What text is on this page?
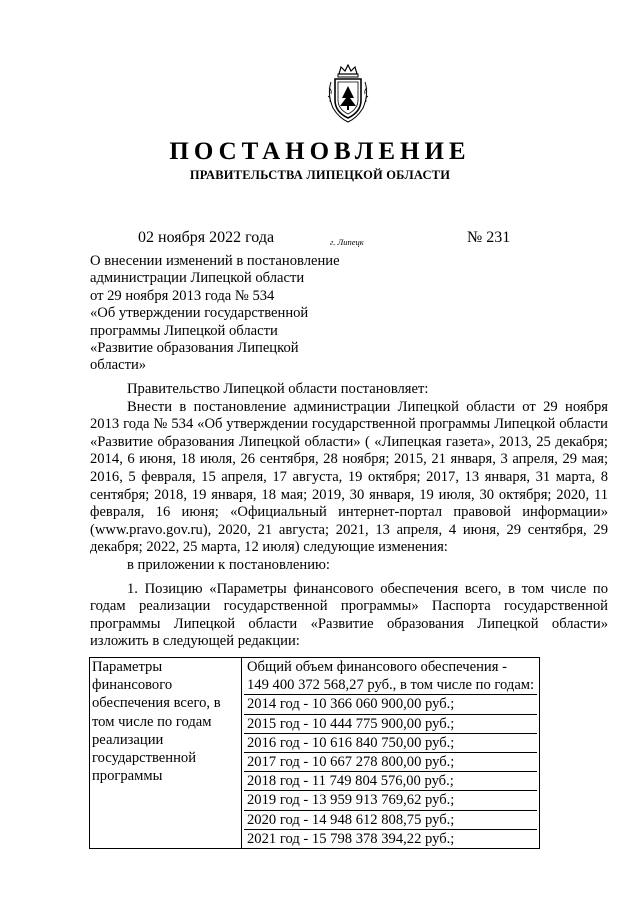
ПОСТАНОВЛЕНИЕ
ПРАВИТЕЛЬСТВА ЛИПЕЦКОЙ ОБЛАСТИ
02 ноября 2022 года	г. Липецк	№ 231
О внесении изменений в постановление
администрации Липецкой области
от 29 ноября 2013 года № 534
«Об утверждении государственной
программы Липецкой области
«Развитие образования Липецкой
области»

Правительство Липецкой области постановляет:

Внести в постановление администрации Липецкой области от 29 ноября 2013 года № 534 «Об утверждении государственной программы Липецкой области «Развитие образования Липецкой области» ( «Липецкая газета», 2013, 25 декабря; 2014, 6 июня, 18 июля, 26 сентября, 28 ноября; 2015, 21 января, 3 апреля, 29 мая; 2016, 5 февраля, 15 апреля, 17 августа, 19 октября; 2017, 13 января, 31 марта, 8 сентября; 2018, 19 января, 18 мая; 2019, 30 января, 19 июля, 30 октября; 2020, 11 февраля, 16 июня; «Официальный интернет-портал правовой информации» (www.pravo.gov.ru), 2020, 21 августа; 2021, 13 апреля, 4 июня, 29 сентября, 29 декабря; 2022, 25 марта, 12 июля) следующие изменения:

в приложении к постановлению:

1. Позицию «Параметры финансового обеспечения всего, в том числе по годам реализации государственной программы» Паспорта государственной программы Липецкой области «Развитие образования Липецкой области» изложить в следующей редакции:

Параметры
финансового
обеспечения всего, в
том числе по годам
реализации
государственной
программы

Общий объем финансового обеспечения -
149 400 372 568,27 руб., в том числе по годам:
2014 год - 10 366 060 900,00 руб.;
2015 год - 10 444 775 900,00 руб.;
2016 год - 10 616 840 750,00 руб.;
2017 год - 10 667 278 800,00 руб.;
2018 год - 11 749 804 576,00 руб.;
2019 год - 13 959 913 769,62 руб.;
2020 год - 14 948 612 808,75 руб.;
2021 год - 15 798 378 394,22 руб.;
